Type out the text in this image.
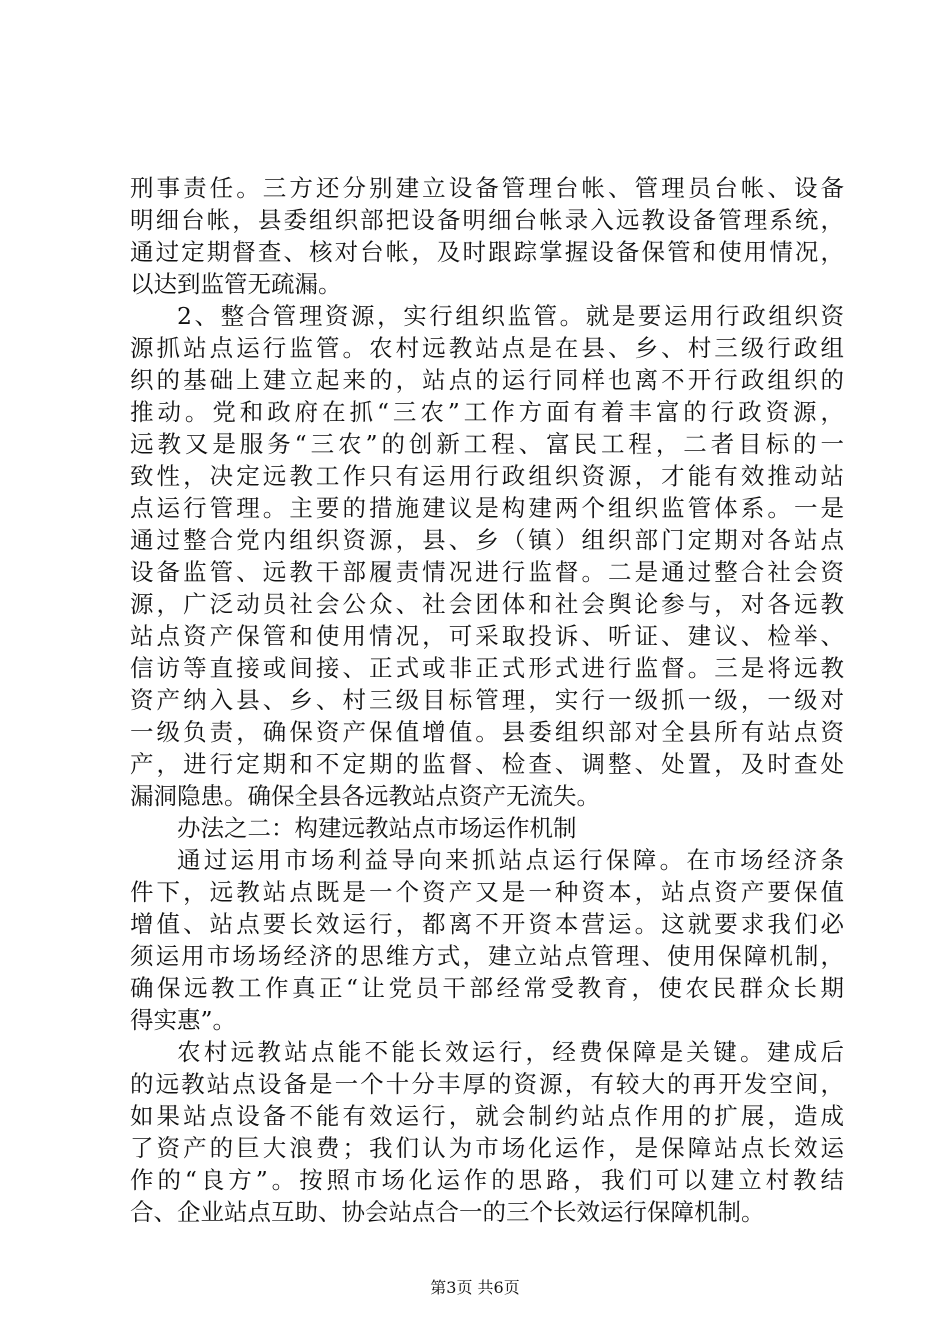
刑事责任。三方还分别建立设备管理台帐、管理员台帐、设备
明细台帐，县委组织部把设备明细台帐录入远教设备管理系统，
通过定期督查、核对台帐，及时跟踪掌握设备保管和使用情况，
以达到监管无疏漏。
2、整合管理资源，实行组织监管。就是要运用行政组织资
源抓站点运行监管。农村远教站点是在县、乡、村三级行政组
织的基础上建立起来的，站点的运行同样也离不开行政组织的
推动。党和政府在抓“三农”工作方面有着丰富的行政资源，
远教又是服务“三农”的创新工程、富民工程，二者目标的一
致性，决定远教工作只有运用行政组织资源，才能有效推动站
点运行管理。主要的措施建议是构建两个组织监管体系。一是
通过整合党内组织资源，县、乡（镇）组织部门定期对各站点
设备监管、远教干部履责情况进行监督。二是通过整合社会资
源，广泛动员社会公众、社会团体和社会舆论参与，对各远教
站点资产保管和使用情况，可采取投诉、听证、建议、检举、
信访等直接或间接、正式或非正式形式进行监督。三是将远教
资产纳入县、乡、村三级目标管理，实行一级抓一级，一级对
一级负责，确保资产保值增值。县委组织部对全县所有站点资
产，进行定期和不定期的监督、检查、调整、处置，及时查处
漏洞隐患。确保全县各远教站点资产无流失。
办法之二：构建远教站点市场运作机制
通过运用市场利益导向来抓站点运行保障。在市场经济条
件下，远教站点既是一个资产又是一种资本，站点资产要保值
增值、站点要长效运行，都离不开资本营运。这就要求我们必
须运用市场场经济的思维方式，建立站点管理、使用保障机制，
确保远教工作真正“让党员干部经常受教育，使农民群众长期
得实惠”。
农村远教站点能不能长效运行，经费保障是关键。建成后
的远教站点设备是一个十分丰厚的资源，有较大的再开发空间，
如果站点设备不能有效运行，就会制约站点作用的扩展，造成
了资产的巨大浪费；我们认为市场化运作，是保障站点长效运
作的“良方”。按照市场化运作的思路，我们可以建立村教结
合、企业站点互助、协会站点合一的三个长效运行保障机制。
第3页 共6页
